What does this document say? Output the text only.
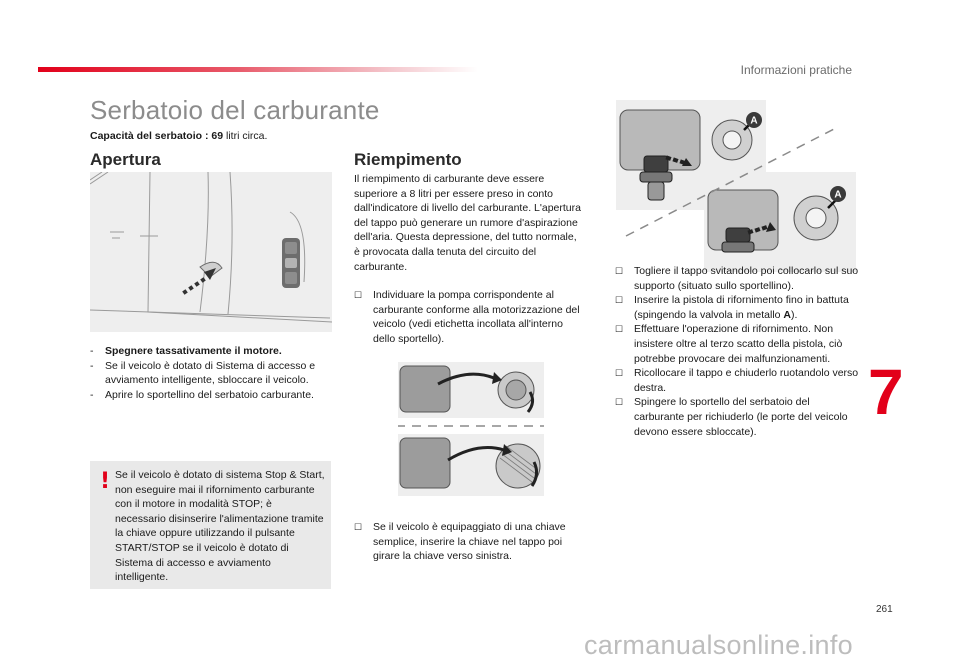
Informazioni pratiche
Serbatoio del carburante
Capacità del serbatoio : 69 litri circa.
Apertura
- Spegnere tassativamente il motore.
- Se il veicolo è dotato di Sistema di accesso e avviamento intelligente, sbloccare il veicolo.
- Aprire lo sportellino del serbatoio carburante.
! Se il veicolo è dotato di sistema Stop & Start, non eseguire mai il rifornimento carburante con il motore in modalità STOP; è necessario disinserire l'alimentazione tramite la chiave oppure utilizzando il pulsante START/STOP se il veicolo è dotato di Sistema di accesso e avviamento intelligente.
Riempimento
Il riempimento di carburante deve essere superiore a 8 litri per essere preso in conto dall'indicatore di livello del carburante. L'apertura del tappo può generare un rumore d'aspirazione dell'aria. Questa depressione, del tutto normale, è provocata dalla tenuta del circuito del carburante.
☐ Individuare la pompa corrispondente al carburante conforme alla motorizzazione del veicolo (vedi etichetta incollata all'interno dello sportello).
☐ Se il veicolo è equipaggiato di una chiave semplice, inserire la chiave nel tappo poi girare la chiave verso sinistra.
A
A
☐ Togliere il tappo svitandolo poi collocarlo sul suo supporto (situato sullo sportellino).
☐ Inserire la pistola di rifornimento fino in battuta (spingendo la valvola in metallo A).
☐ Effettuare l'operazione di rifornimento. Non insistere oltre al terzo scatto della pistola, ciò potrebbe provocare dei malfunzionamenti.
☐ Ricollocare il tappo e chiuderlo ruotandolo verso destra.
☐ Spingere lo sportello del serbatoio del carburante per richiuderlo (le porte del veicolo devono essere sbloccate).
7
261
carmanualsonline.info
